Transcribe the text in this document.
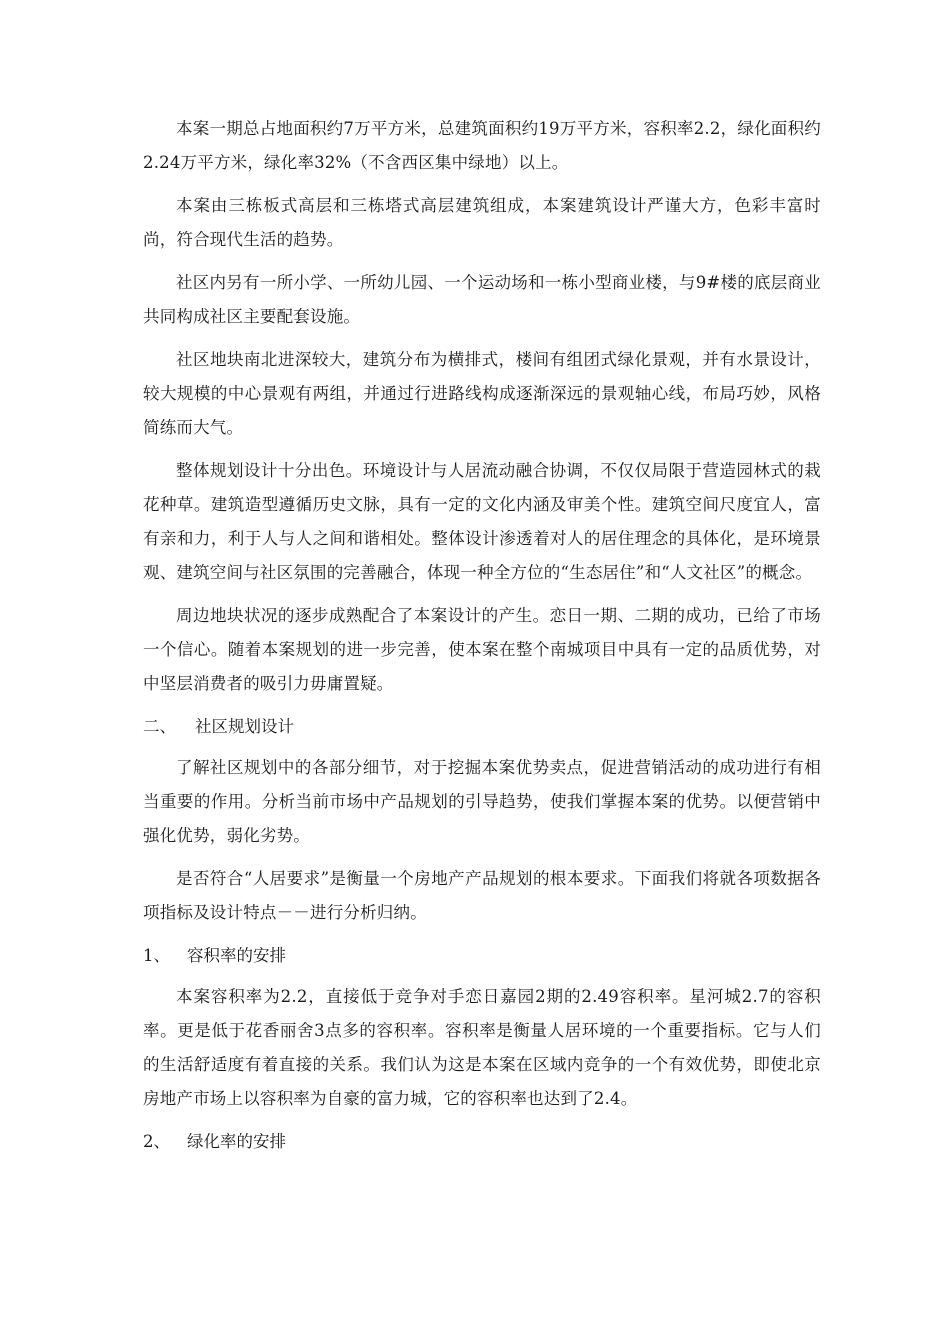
本案一期总占地面积约7万平方米，总建筑面积约19万平方米，容积率2.2，绿化面积约2.24万平方米，绿化率32%（不含西区集中绿地）以上。

本案由三栋板式高层和三栋塔式高层建筑组成，本案建筑设计严谨大方，色彩丰富时尚，符合现代生活的趋势。

社区内另有一所小学、一所幼儿园、一个运动场和一栋小型商业楼，与9#楼的底层商业共同构成社区主要配套设施。

社区地块南北进深较大，建筑分布为横排式，楼间有组团式绿化景观，并有水景设计，较大规模的中心景观有两组，并通过行进路线构成逐渐深远的景观轴心线，布局巧妙，风格简练而大气。

整体规划设计十分出色。环境设计与人居流动融合协调，不仅仅局限于营造园林式的栽花种草。建筑造型遵循历史文脉，具有一定的文化内涵及审美个性。建筑空间尺度宜人，富有亲和力，利于人与人之间和谐相处。整体设计渗透着对人的居住理念的具体化，是环境景观、建筑空间与社区氛围的完善融合，体现一种全方位的“生态居住”和“人文社区”的概念。

周边地块状况的逐步成熟配合了本案设计的产生。恋日一期、二期的成功，已给了市场一个信心。随着本案规划的进一步完善，使本案在整个南城项目中具有一定的品质优势，对中坚层消费者的吸引力毋庸置疑。

二、	社区规划设计

了解社区规划中的各部分细节，对于挖掘本案优势卖点，促进营销活动的成功进行有相当重要的作用。分析当前市场中产品规划的引导趋势，使我们掌握本案的优势。以便营销中强化优势，弱化劣势。

是否符合“人居要求”是衡量一个房地产产品规划的根本要求。下面我们将就各项数据各项指标及设计特点－－进行分析归纳。

1、	容积率的安排

本案容积率为2.2，直接低于竞争对手恋日嘉园2期的2.49容积率。星河城2.7的容积率。更是低于花香丽舍3点多的容积率。容积率是衡量人居环境的一个重要指标。它与人们的生活舒适度有着直接的关系。我们认为这是本案在区域内竞争的一个有效优势，即使北京房地产市场上以容积率为自豪的富力城，它的容积率也达到了2.4。

2、	绿化率的安排
